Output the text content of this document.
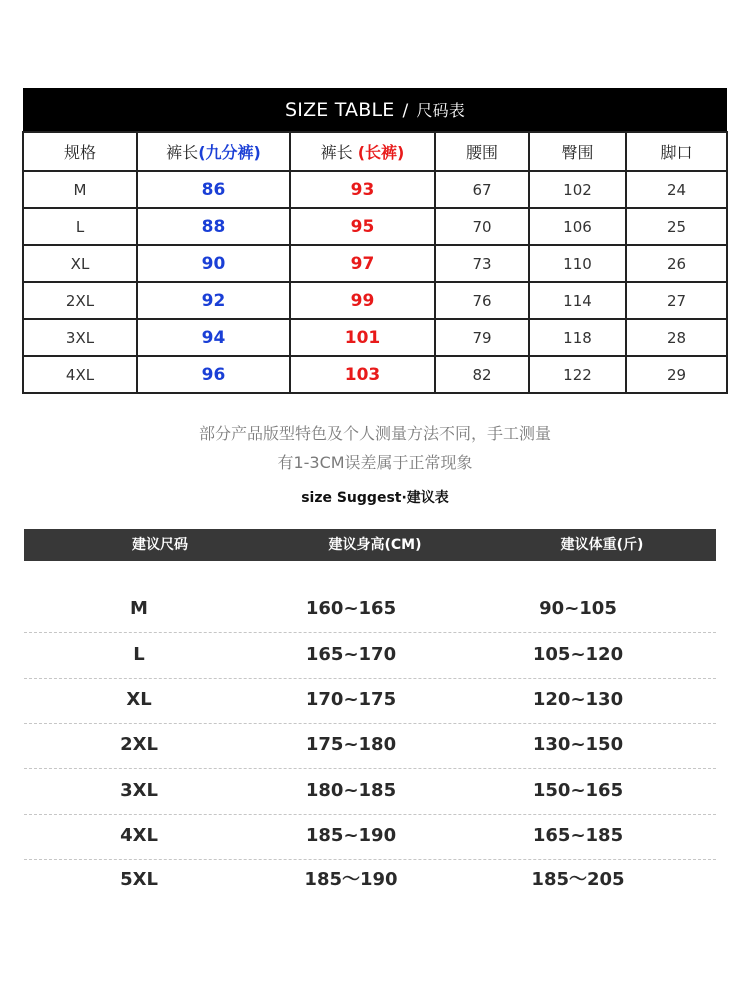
SIZE TABLE / 尺码表					
规格	裤长(九分裤)	裤长 (长裤)	腰围	臀围	脚口
M	86	93	67	102	24
L	88	95	70	106	25
XL	90	97	73	110	26
2XL	92	99	76	114	27
3XL	94	101	79	118	28
4XL	96	103	82	122	29
部分产品版型特色及个人测量方法不同，手工测量
有1-3CM误差属于正常现象
size Suggest·建议表
建议尺码	建议身高(CM)	建议体重(斤)
M	160~165	90~105
L	165~170	105~120
XL	170~175	120~130
2XL	175~180	130~150
3XL	180~185	150~165
4XL	185~190	165~185
5XL	185～190	185～205
